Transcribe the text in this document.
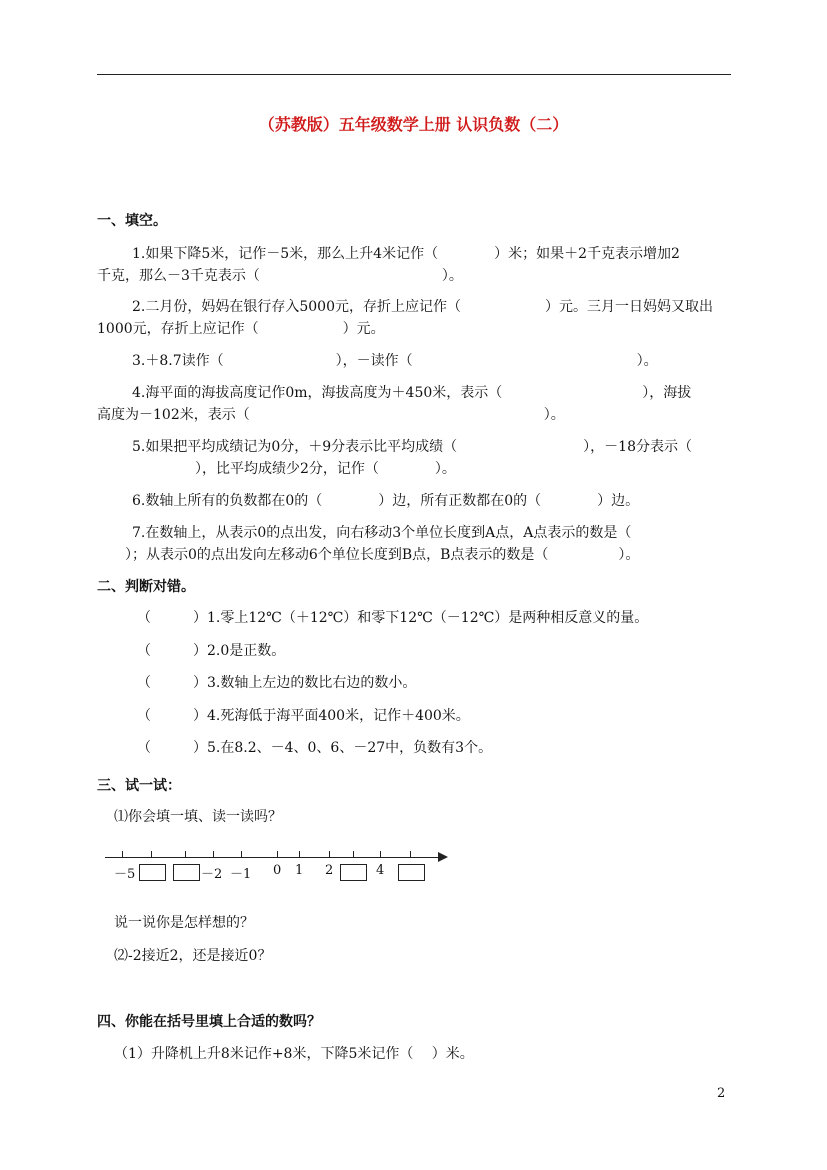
（苏教版）五年级数学上册 认识负数（二）
一、填空。
1.如果下降5米，记作－5米，那么上升4米记作（　　　　）米；如果＋2千克表示增加2
千克，那么－3千克表示（　　　　　　　　　　　　　）。
2.二月份，妈妈在银行存入5000元，存折上应记作（　　　　　　）元。三月一日妈妈又取出
1000元，存折上应记作（　　　　　　）元。
3.＋8.7读作（　　　　　　　　），－读作（　　　　　　　　　　　　　　　　）。
4.海平面的海拔高度记作0m，海拔高度为＋450米，表示（　　　　　　　　　　），海拔
高度为－102米，表示（　　　　　　　　　　　　　　　　　　　　　）。
5.如果把平均成绩记为0分，＋9分表示比平均成绩（　　　　　　　　　），－18分表示（
　　　　　　　），比平均成绩少2分，记作（　　　　）。
6.数轴上所有的负数都在0的（　　　　）边，所有正数都在0的（　　　　）边。
7.在数轴上，从表示0的点出发，向右移动3个单位长度到A点，A点表示的数是（
　　）；从表示0的点出发向左移动6个单位长度到B点，B点表示的数是（　　　　　）。
二、判断对错。
（　　　）1.零上12℃（＋12℃）和零下12℃（－12℃）是两种相反意义的量。
（　　　）2.0是正数。
（　　　）3.数轴上左边的数比右边的数小。
（　　　）4.死海低于海平面400米，记作＋400米。
（　　　）5.在8.2、－4、0、6、－27中，负数有3个。
三、试一试：
⑴你会填一填、读一读吗？
－5	－2 －1 0 1 2	4
说一说你是怎样想的？
⑵-2接近2，还是接近0？
四、你能在括号里填上合适的数吗？
（1）升降机上升8米记作+8米，下降5米记作（　 ）米。
2
